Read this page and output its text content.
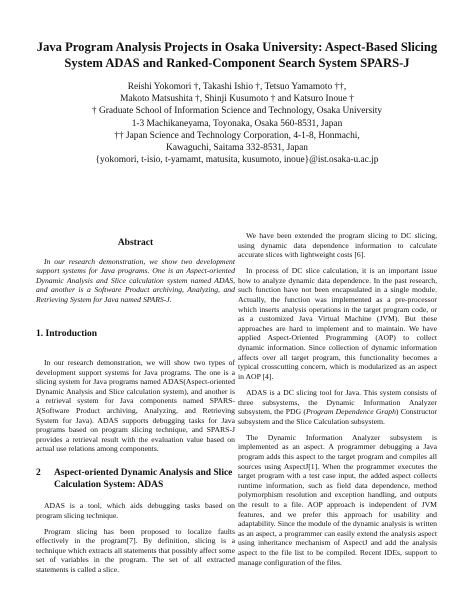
Java Program Analysis Projects in Osaka University: Aspect-Based Slicing
System ADAS and Ranked-Component Search System SPARS-J
Reishi Yokomori †, Takashi Ishio †, Tetsuo Yamamoto ††,
Makoto Matsushita †, Shinji Kusumoto † and Katsuro Inoue †
† Graduate School of Information Science and Technology, Osaka University
1-3 Machikaneyama, Toyonaka, Osaka 560-8531, Japan
†† Japan Science and Technology Corporation, 4-1-8, Honmachi,
Kawaguchi, Saitama 332-8531, Japan
{yokomori, t-isio, t-yamamt, matusita, kusumoto, inoue}@ist.osaka-u.ac.jp
Abstract

In our research demonstration, we show two development support systems for Java programs. One is an Aspect-oriented Dynamic Analysis and Slice calculation system named ADAS, and another is a Software Product archiving, Analyzing, and Retrieving System for Java named SPARS-J.

1. Introduction

In our research demonstration, we will show two types of development support systems for Java programs. The one is a slicing system for Java programs named ADAS(Aspect-oriented Dynamic Analysis and Slice calculation system), and another is a retrieval system for Java components named SPARS-J(Software Product archiving, Analyzing, and Retrieving System for Java). ADAS supports debugging tasks for Java programs based on program slicing technique, and SPARS-J provides a retrieval result with the evaluation value based on actual use relations among components.

2	Aspect-oriented Dynamic Analysis and Slice Calculation System: ADAS

ADAS is a tool, which aids debugging tasks based on program slicing technique.

Program slicing has been proposed to localize faults effectively in the program[7]. By definition, slicing is a technique which extracts all statements that possibly affect some set of variables in the program. The set of all extracted statements is called a slice.

We have been extended the program slicing to DC slicing, using dynamic data dependence information to calculate accurate slices with lightweight costs [6].

In process of DC slice calculation, it is an important issue how to analyze dynamic data dependence. In the past research, such function have not been encapsulated in a single module. Actually, the function was implemented as a pre-processor which inserts analysis operations in the target program code, or as a customized Java Virtual Machine (JVM). But these approaches are hard to implement and to maintain. We have applied Aspect-Oriented Programming (AOP) to collect dynamic information. Since collection of dynamic information affects over all target program, this functionality becomes a typical crosscutting concern, which is modularized as an aspect in AOP [4].

ADAS is a DC slicing tool for Java. This system consists of three subsystems, the Dynamic Information Analyzer subsystem, the PDG (Program Dependence Graph) Constructor subsystem and the Slice Calculation subsystem.

The Dynamic Information Analyzer subsystem is implemented as an aspect. A programmer debugging a Java program adds this aspect to the target program and compiles all sources using AspectJ[1]. When the programmer executes the target program with a test case input, the added aspect collects runtime information, such as field data dependence, method polymorphism resolution and exception handling, and outputs the result to a file. AOP approach is independent of JVM features, and we prefer this approach for usability and adaptability. Since the module of the dynamic analysis is written as an aspect, a programmer can easily extend the analysis aspect using inheritance mechanism of AspectJ and add the analysis aspect to the file list to be compiled. Recent IDEs, support to manage configuration of the files.
